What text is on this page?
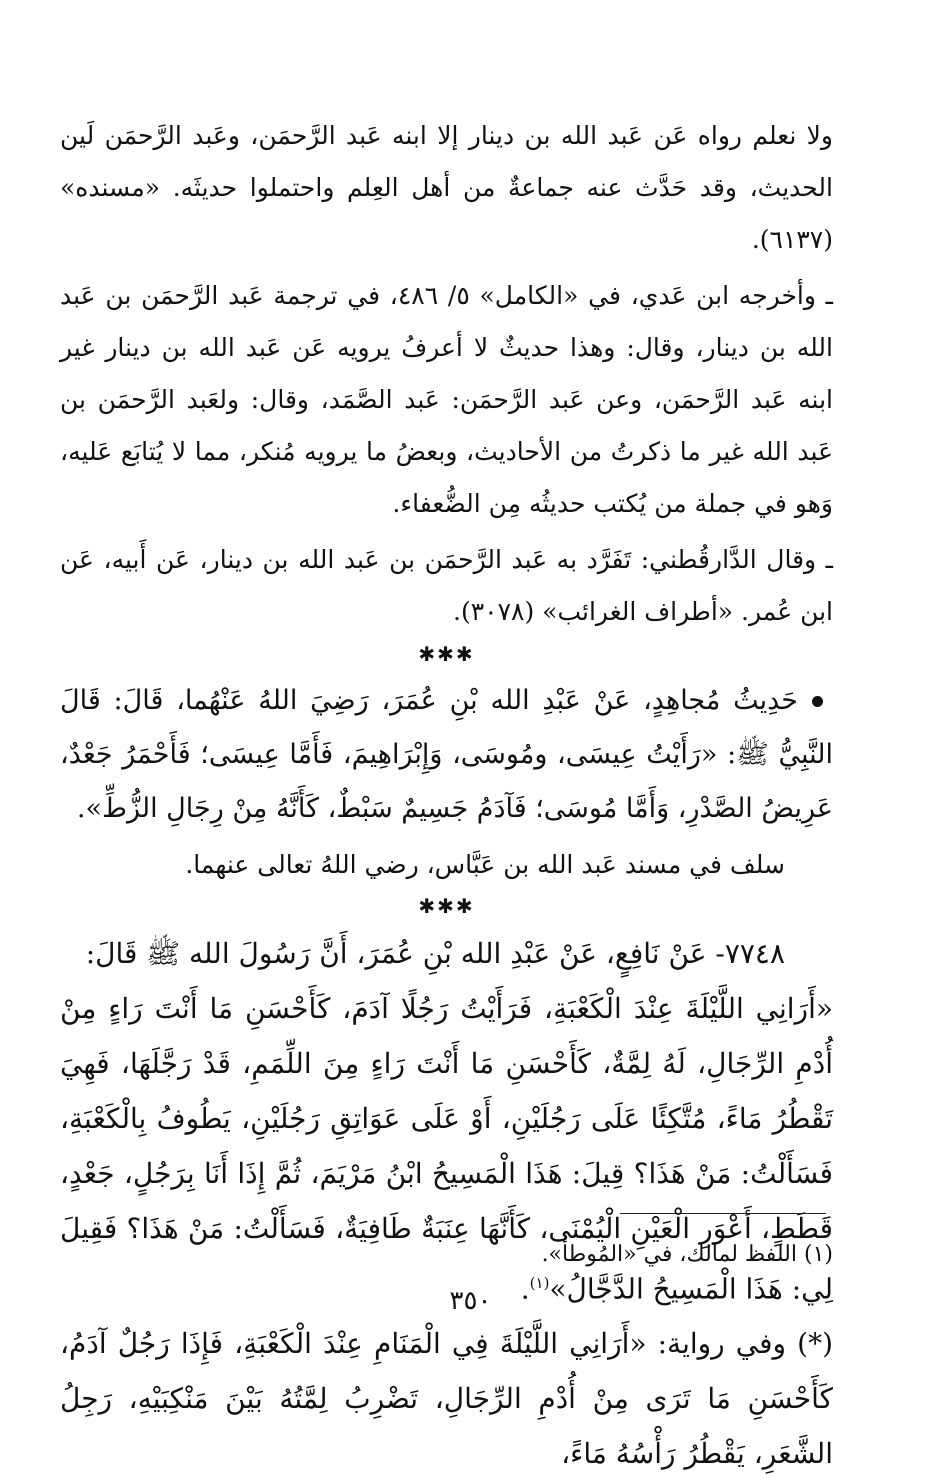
ولا نعلم رواه عَن عَبد الله بن دينار إلا ابنه عَبد الرَّحمَن، وعَبد الرَّحمَن لَين الحديث، وقد حَدَّث عنه جماعةٌ من أهل العِلم واحتملوا حديثَه. «مسنده» (٦١٣٧).

ـ وأخرجه ابن عَدي، في «الكامل» ٥/ ٤٨٦، في ترجمة عَبد الرَّحمَن بن عَبد الله بن دينار، وقال: وهذا حديثٌ لا أعرفُ يرويه عَن عَبد الله بن دينار غير ابنه عَبد الرَّحمَن، وعن عَبد الرَّحمَن: عَبد الصَّمَد، وقال: ولعَبد الرَّحمَن بن عَبد الله غير ما ذكرتُ من الأحاديث، وبعضُ ما يرويه مُنكر، مما لا يُتابَع عَليه، وَهو في جملة من يُكتب حديثُه مِن الضُّعفاء.

ـ وقال الدَّارقُطني: تَفَرَّد به عَبد الرَّحمَن بن عَبد الله بن دينار، عَن أَبيه، عَن ابن عُمر. «أطراف الغرائب» (٣٠٧٨).

✱✱✱

حَدِيثُ مُجاهِدٍ، عَنْ عَبْدِ الله بْنِ عُمَرَ، رَضِيَ اللهُ عَنْهُما، قَالَ: قَالَ النَّبِيُّ ﷺ: «رَأَيْتُ عِيسَى، ومُوسَى، وَإِبْرَاهِيمَ، فَأَمَّا عِيسَى؛ فَأَحْمَرُ جَعْدٌ، عَرِيضُ الصَّدْرِ، وَأَمَّا مُوسَى؛ فَآدَمُ جَسِيمٌ سَبْطٌ، كَأَنَّهُ مِنْ رِجَالِ الزُّطِّ».

سلف في مسند عَبد الله بن عَبَّاس، رضي اللهُ تعالى عنهما.

✱✱✱

٧٧٤٨- عَنْ نَافِعٍ، عَنْ عَبْدِ الله بْنِ عُمَرَ، أَنَّ رَسُولَ الله ﷺ قَالَ:

«أَرَانِي اللَّيْلَةَ عِنْدَ الْكَعْبَةِ، فَرَأَيْتُ رَجُلًا آدَمَ، كَأَحْسَنِ مَا أَنْتَ رَاءٍ مِنْ أُدْمِ الرِّجَالِ، لَهُ لِمَّةٌ، كَأَحْسَنِ مَا أَنْتَ رَاءٍ مِنَ اللِّمَمِ، قَدْ رَجَّلَهَا، فَهِيَ تَقْطُرُ مَاءً، مُتَّكِئًا عَلَى رَجُلَيْنِ، أَوْ عَلَى عَوَاتِقِ رَجُلَيْنِ، يَطُوفُ بِالْكَعْبَةِ، فَسَأَلْتُ: مَنْ هَذَا؟ قِيلَ: هَذَا الْمَسِيحُ ابْنُ مَرْيَمَ، ثُمَّ إِذَا أَنَا بِرَجُلٍ، جَعْدٍ، قَطَطٍ، أَعْوَرِ الْعَيْنِ الْيُمْنَى، كَأَنَّهَا عِنَبَةٌ طَافِيَةٌ، فَسَأَلْتُ: مَنْ هَذَا؟ فَقِيلَ لِي: هَذَا الْمَسِيحُ الدَّجَّالُ»$^{(١)}$.

(*) وفي رواية: «أَرَانِي اللَّيْلَةَ فِي الْمَنَامِ عِنْدَ الْكَعْبَةِ، فَإِذَا رَجُلٌ آدَمُ، كَأَحْسَنِ مَا تَرَى مِنْ أُدْمِ الرِّجَالِ، تَضْرِبُ لِمَّتُهُ بَيْنَ مَنْكِبَيْهِ، رَجِلُ الشَّعَرِ، يَقْطُرُ رَأْسُهُ مَاءً،

(١) اللفظ لمالك، في «المُوطأ».
٣٥٠
